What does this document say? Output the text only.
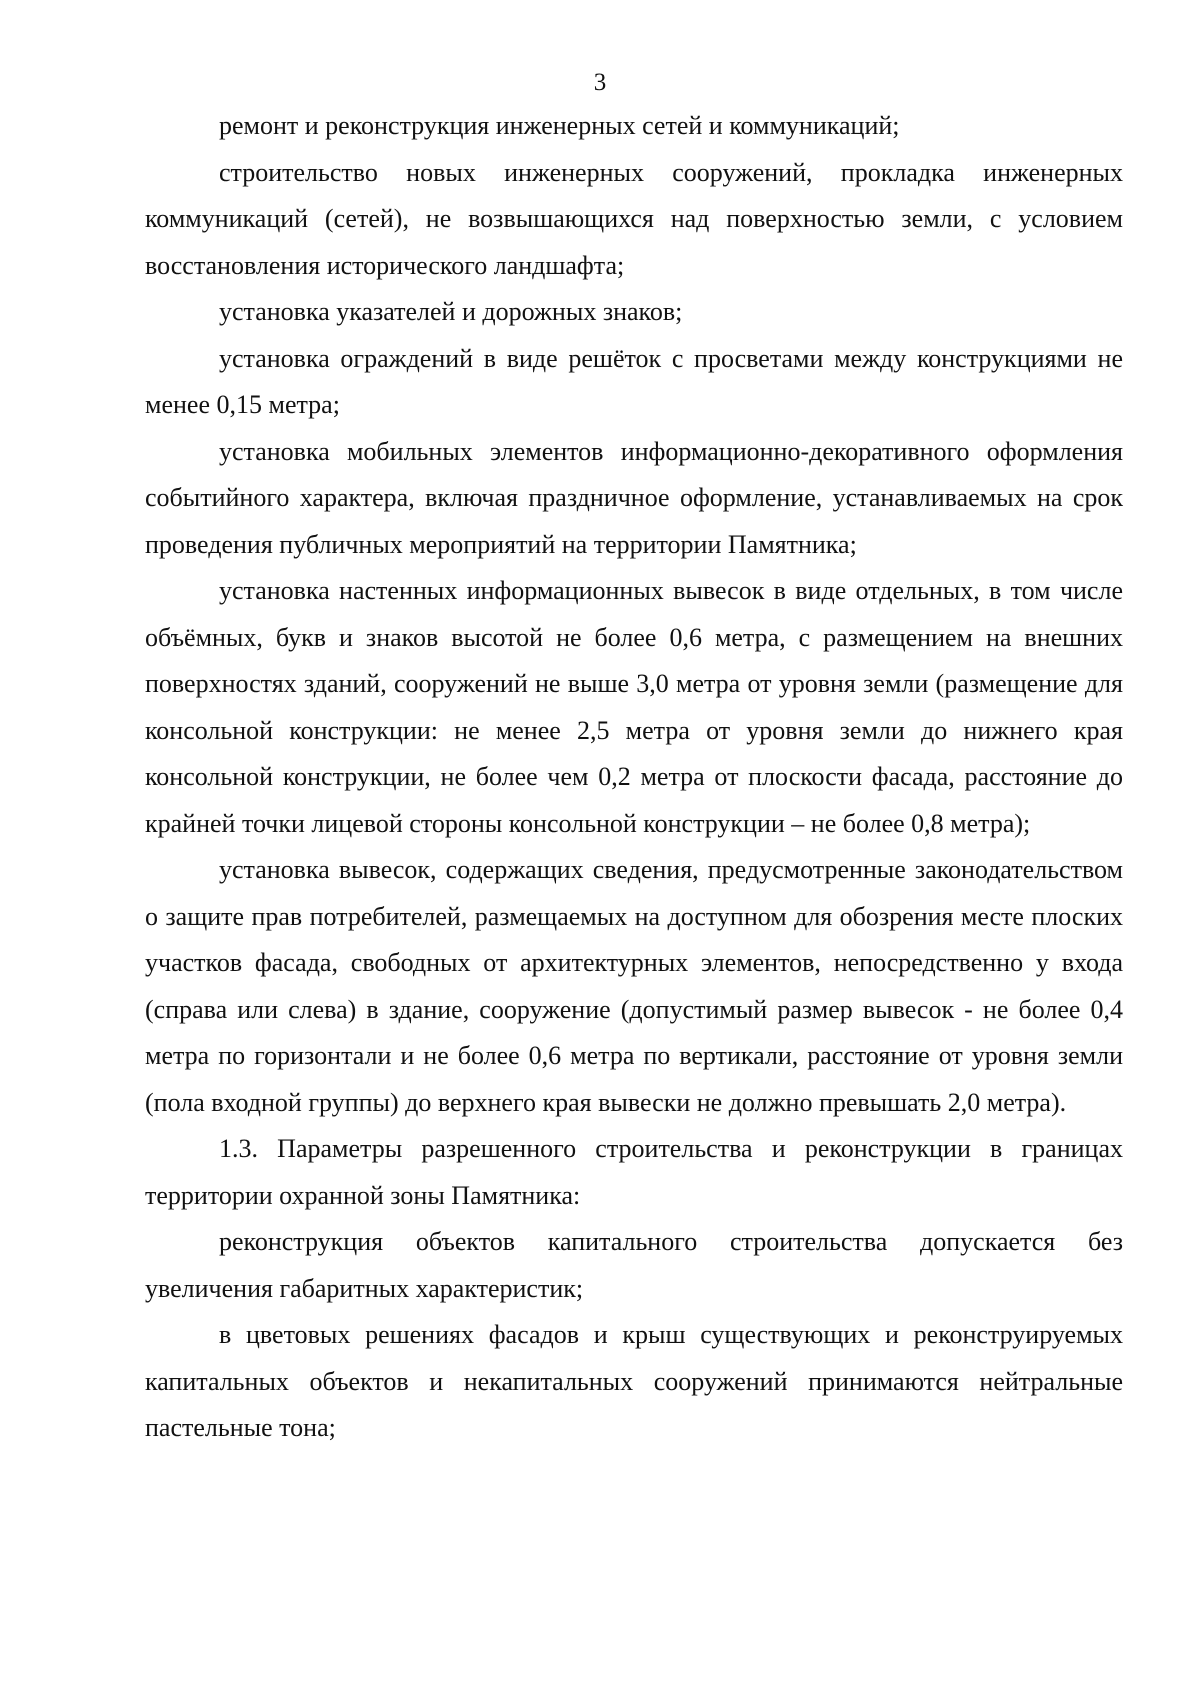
3

ремонт и реконструкция инженерных сетей и коммуникаций;

строительство новых инженерных сооружений, прокладка инженерных коммуникаций (сетей), не возвышающихся над поверхностью земли, с условием восстановления исторического ландшафта;

установка указателей и дорожных знаков;

установка ограждений в виде решёток с просветами между конструкциями не менее 0,15 метра;

установка мобильных элементов информационно-декоративного оформления событийного характера, включая праздничное оформление, устанавливаемых на срок проведения публичных мероприятий на территории Памятника;

установка настенных информационных вывесок в виде отдельных, в том числе объёмных, букв и знаков высотой не более 0,6 метра, с размещением на внешних поверхностях зданий, сооружений не выше 3,0 метра от уровня земли (размещение для консольной конструкции: не менее 2,5 метра от уровня земли до нижнего края консольной конструкции, не более чем 0,2 метра от плоскости фасада, расстояние до крайней точки лицевой стороны консольной конструкции – не более 0,8 метра);

установка вывесок, содержащих сведения, предусмотренные законодательством о защите прав потребителей, размещаемых на доступном для обозрения месте плоских участков фасада, свободных от архитектурных элементов, непосредственно у входа (справа или слева) в здание, сооружение (допустимый размер вывесок - не более 0,4 метра по горизонтали и не более 0,6 метра по вертикали, расстояние от уровня земли (пола входной группы) до верхнего края вывески не должно превышать 2,0 метра).

1.3. Параметры разрешенного строительства и реконструкции в границах территории охранной зоны Памятника:

реконструкция объектов капитального строительства допускается без увеличения габаритных характеристик;

в цветовых решениях фасадов и крыш существующих и реконструируемых капитальных объектов и некапитальных сооружений принимаются нейтральные пастельные тона;
